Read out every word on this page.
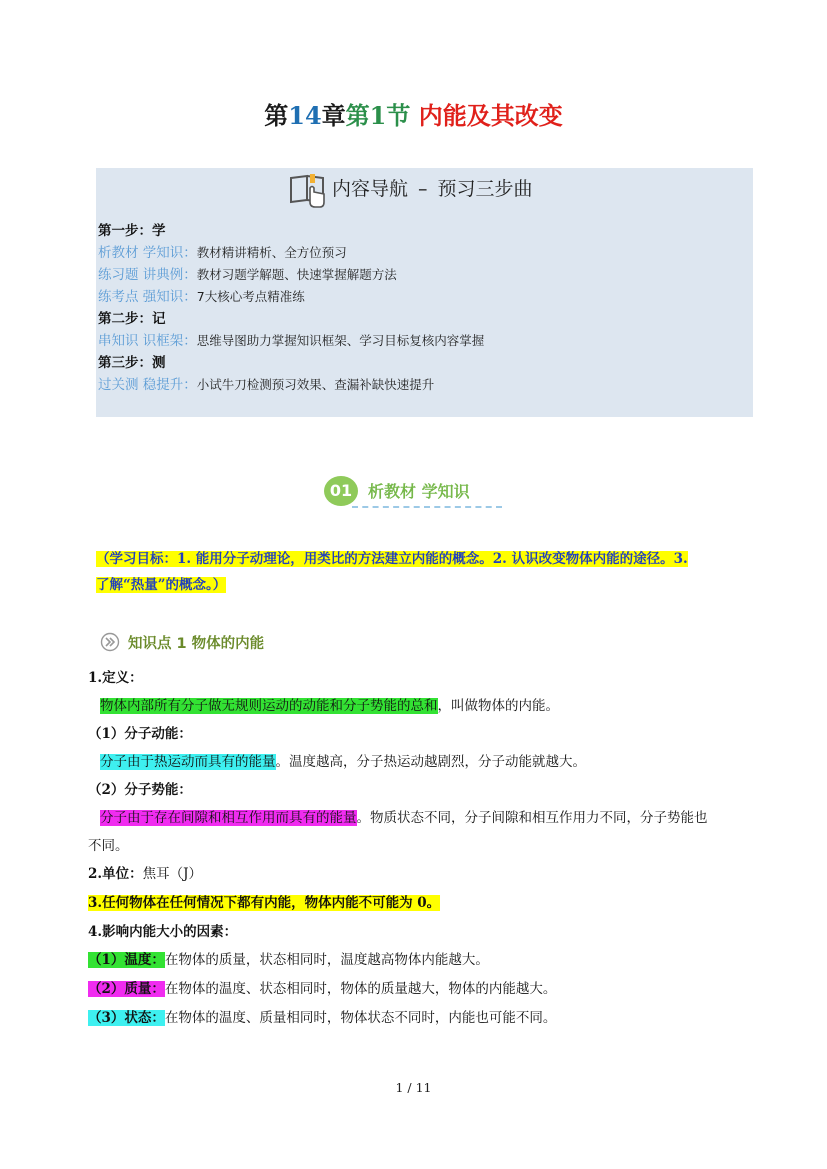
第14章第1节 内能及其改变
内容导航 – 预习三步曲
第一步：学
析教材 学知识：教材精讲精析、全方位预习
练习题 讲典例：教材习题学解题、快速掌握解题方法
练考点 强知识：7大核心考点精准练
第二步：记
串知识 识框架：思维导图助力掌握知识框架、学习目标复核内容掌握
第三步：测
过关测 稳提升：小试牛刀检测预习效果、查漏补缺快速提升
01 析教材 学知识
（学习目标：1. 能用分子动理论，用类比的方法建立内能的概念。2. 认识改变物体内能的途径。3.
了解“热量”的概念。）
知识点 1 物体的内能
1.定义：
物体内部所有分子做无规则运动的动能和分子势能的总和，叫做物体的内能。
（1）分子动能：
分子由于热运动而具有的能量。温度越高，分子热运动越剧烈，分子动能就越大。
（2）分子势能：
分子由于存在间隙和相互作用而具有的能量。物质状态不同，分子间隙和相互作用力不同，分子势能也
不同。
2.单位：焦耳（J）
3.任何物体在任何情况下都有内能，物体内能不可能为 0。
4.影响内能大小的因素：
（1）温度：在物体的质量，状态相同时，温度越高物体内能越大。
（2）质量：在物体的温度、状态相同时，物体的质量越大，物体的内能越大。
（3）状态：在物体的温度、质量相同时，物体状态不同时，内能也可能不同。
1 / 11
